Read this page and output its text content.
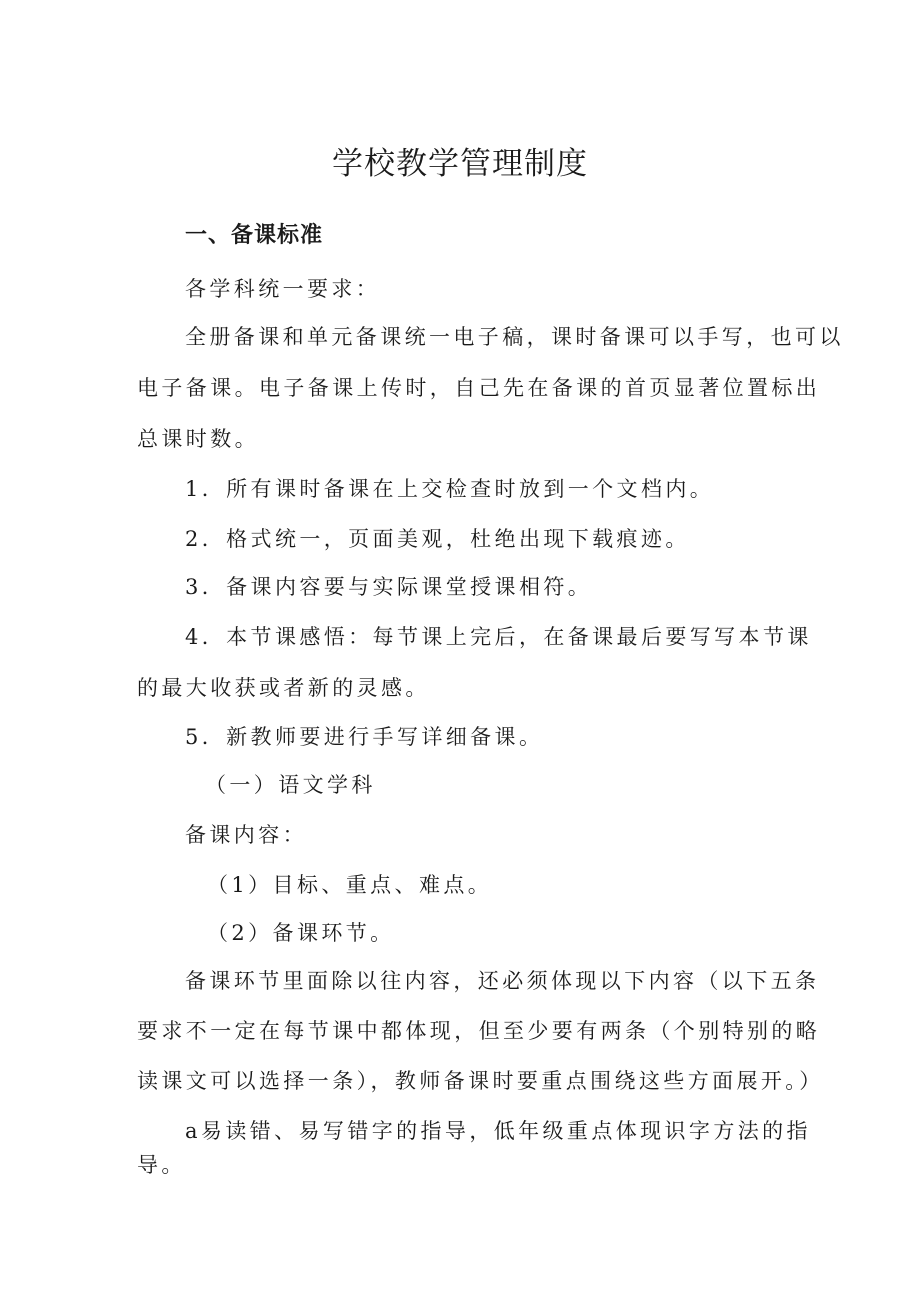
学校教学管理制度
一、备课标准
各学科统一要求：
全册备课和单元备课统一电子稿，课时备课可以手写，也可以
电子备课。电子备课上传时，自己先在备课的首页显著位置标出
总课时数。
1．所有课时备课在上交检查时放到一个文档内。
2．格式统一，页面美观，杜绝出现下载痕迹。
3．备课内容要与实际课堂授课相符。
4．本节课感悟：每节课上完后，在备课最后要写写本节课
的最大收获或者新的灵感。
5．新教师要进行手写详细备课。
（一）语文学科
备课内容：
（1）目标、重点、难点。
（2）备课环节。
备课环节里面除以往内容，还必须体现以下内容（以下五条
要求不一定在每节课中都体现，但至少要有两条（个别特别的略
读课文可以选择一条），教师备课时要重点围绕这些方面展开。）
a易读错、易写错字的指导，低年级重点体现识字方法的指
导。
